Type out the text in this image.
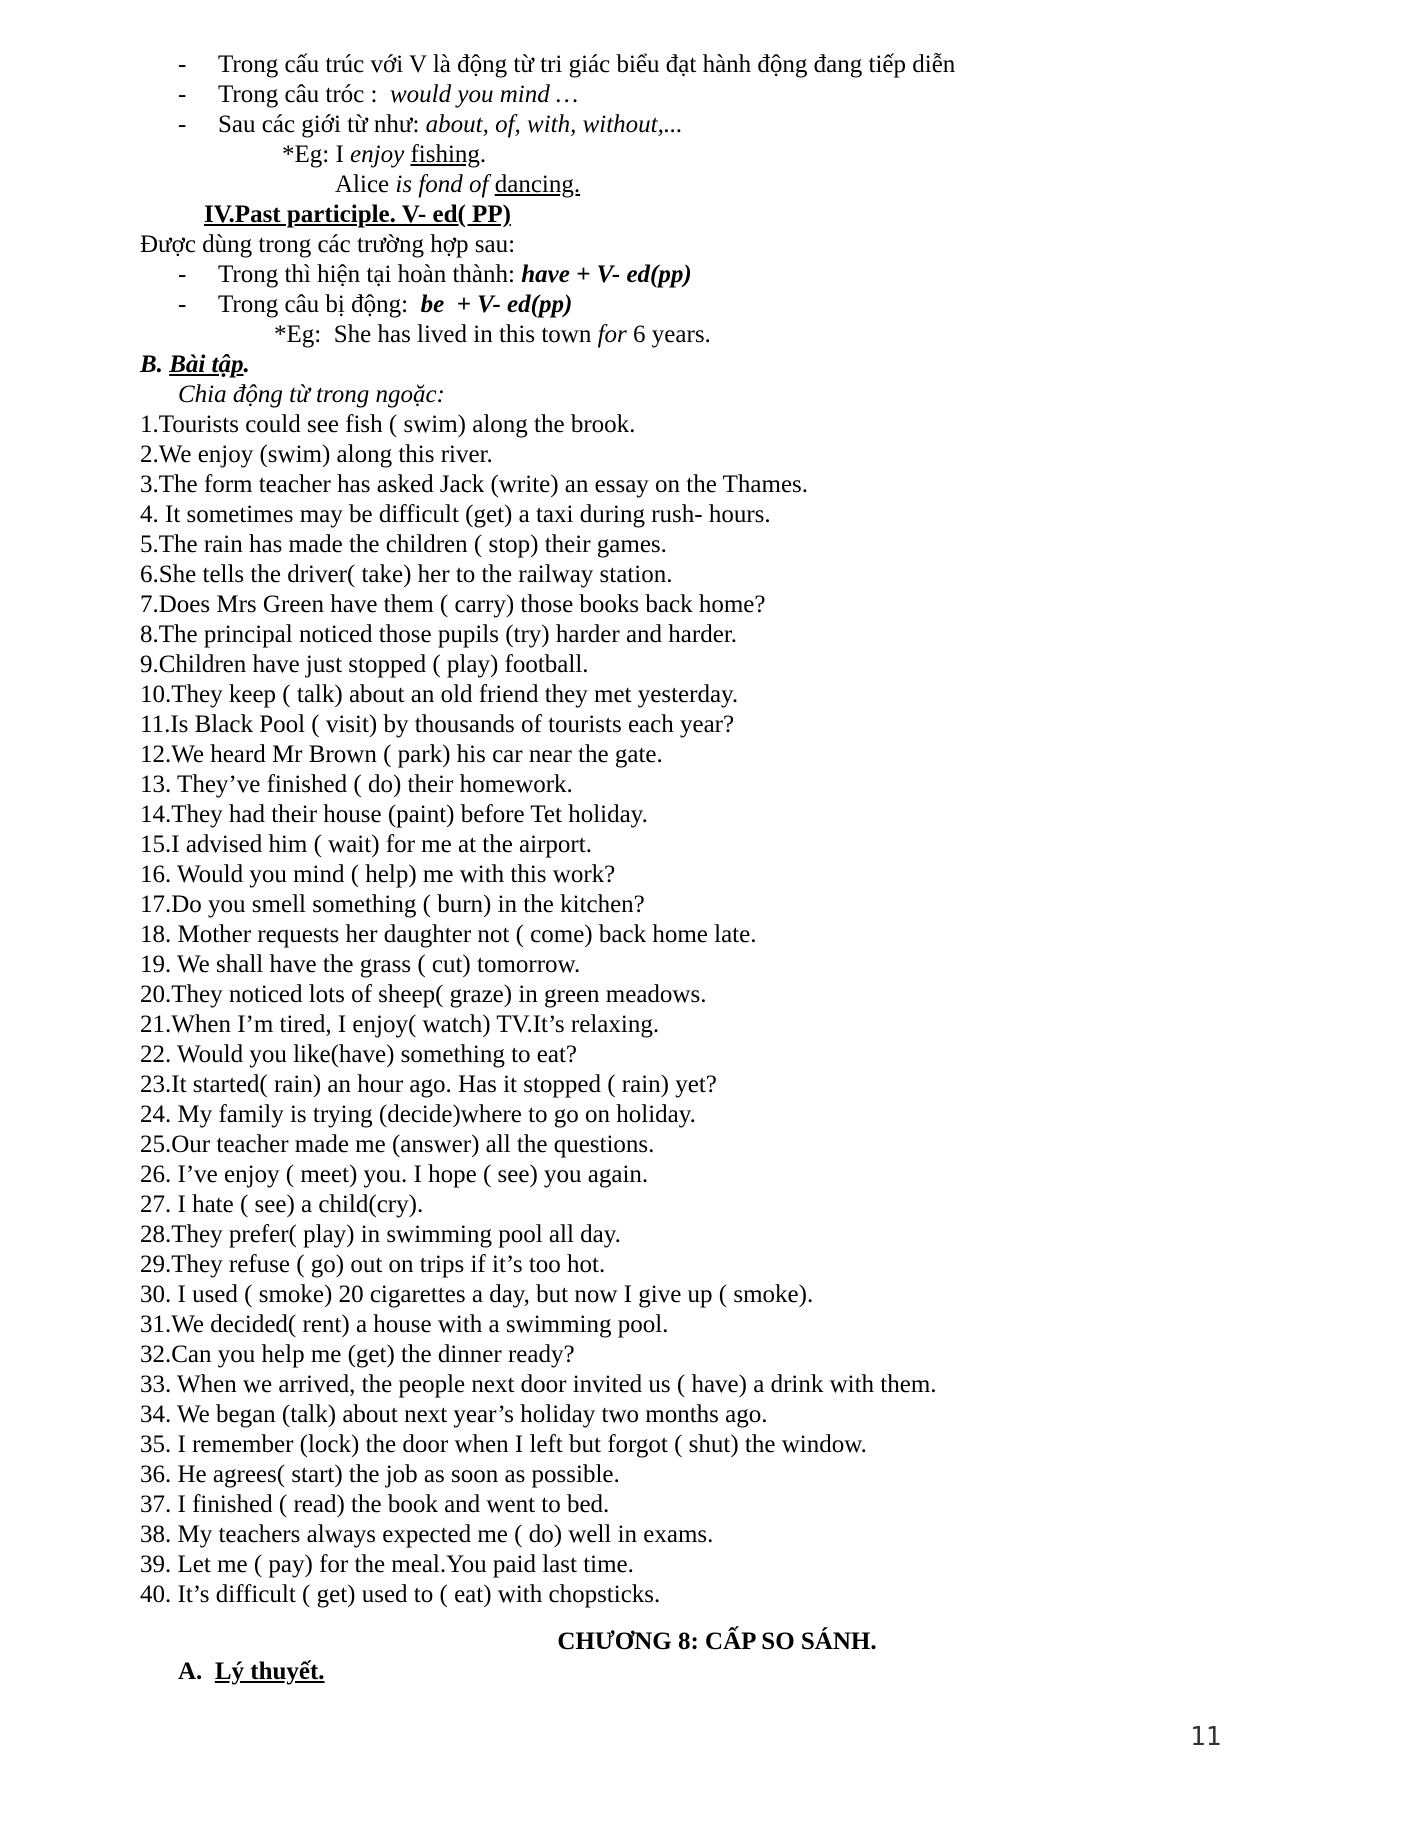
- Trong cấu trúc với V là động từ tri giác biểu đạt hành động đang tiếp diễn
- Trong câu tróc : would you mind …
- Sau các giới từ như: about, of, with, without,...
*Eg: I enjoy fishing.
Alice is fond of dancing.
IV.Past participle. V- ed( PP)
Được dùng trong các trường hợp sau:
- Trong thì hiện tại hoàn thành: have + V- ed(pp)
- Trong câu bị động: be  + V- ed(pp)
*Eg:  She has lived in this town for 6 years.
B. Bài tập.
Chia động từ trong ngoặc:
1.Tourists could see fish ( swim) along the brook.
2.We enjoy (swim) along this river.
3.The form teacher has asked Jack (write) an essay on the Thames.
4. It sometimes may be difficult (get) a taxi during rush- hours.
5.The rain has made the children ( stop) their games.
6.She tells the driver( take) her to the railway station.
7.Does Mrs Green have them ( carry) those books back home?
8.The principal noticed those pupils (try) harder and harder.
9.Children have just stopped ( play) football.
10.They keep ( talk) about an old friend they met yesterday.
11.Is Black Pool ( visit) by thousands of tourists each year?
12.We heard Mr Brown ( park) his car near the gate.
13. They’ve finished ( do) their homework.
14.They had their house (paint) before Tet holiday.
15.I advised him ( wait) for me at the airport.
16. Would you mind ( help) me with this work?
17.Do you smell something ( burn) in the kitchen?
18. Mother requests her daughter not ( come) back home late.
19. We shall have the grass ( cut) tomorrow.
20.They noticed lots of sheep( graze) in green meadows.
21.When I’m tired, I enjoy( watch) TV.It’s relaxing.
22. Would you like(have) something to eat?
23.It started( rain) an hour ago. Has it stopped ( rain) yet?
24. My family is trying (decide)where to go on holiday.
25.Our teacher made me (answer) all the questions.
26. I’ve enjoy ( meet) you. I hope ( see) you again.
27. I hate ( see) a child(cry).
28.They prefer( play) in swimming pool all day.
29.They refuse ( go) out on trips if it’s too hot.
30. I used ( smoke) 20 cigarettes a day, but now I give up ( smoke).
31.We decided( rent) a house with a swimming pool.
32.Can you help me (get) the dinner ready?
33. When we arrived, the people next door invited us ( have) a drink with them.
34. We began (talk) about next year’s holiday two months ago.
35. I remember (lock) the door when I left but forgot ( shut) the window.
36. He agrees( start) the job as soon as possible.
37. I finished ( read) the book and went to bed.
38. My teachers always expected me ( do) well in exams.
39. Let me ( pay) for the meal.You paid last time.
40. It’s difficult ( get) used to ( eat) with chopsticks.
CHƯƠNG 8: CẤP SO SÁNH.
A. Lý thuyết.
11
